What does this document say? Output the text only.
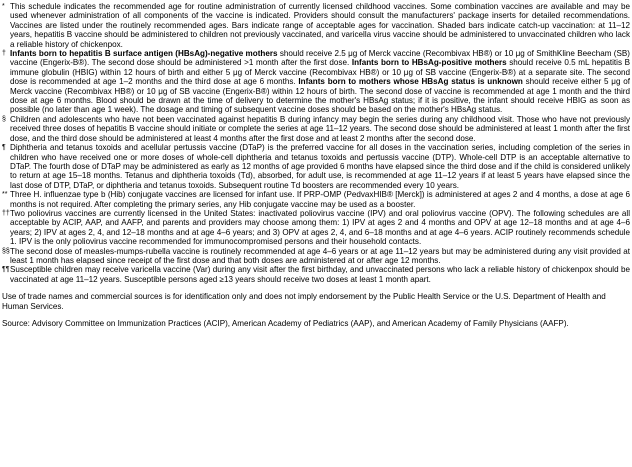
* This schedule indicates the recommended age for routine administration of currently licensed childhood vaccines. Some combination vaccines are available and may be used whenever administration of all components of the vaccine is indicated. Providers should consult the manufacturers' package inserts for detailed recommendations. Vaccines are listed under the routinely recommended ages. Bars indicate range of acceptable ages for vaccination. Shaded bars indicate catch-up vaccination: at 11–12 years, hepatitis B vaccine should be administered to children not previously vaccinated, and varicella virus vaccine should be administered to unvaccinated children who lack a reliable history of chickenpox.
† Infants born to hepatitis B surface antigen (HBsAg)-negative mothers should receive 2.5 μg of Merck vaccine (Recombivax HB®) or 10 μg of SmithKline Beecham (SB) vaccine (Engerix-B®). The second dose should be administered >1 month after the first dose. Infants born to HBsAg-positive mothers should receive 0.5 mL hepatitis B immune globulin (HBIG) within 12 hours of birth and either 5 μg of Merck vaccine (Recombivax HB®) or 10 μg of SB vaccine (Engerix-B®) at a separate site. The second dose is recommended at age 1–2 months and the third dose at age 6 months. Infants born to mothers whose HBsAg status is unknown should receive either 5 μg of Merck vaccine (Recombivax HB®) or 10 μg of SB vaccine (Engerix-B®) within 12 hours of birth. The second dose of vaccine is recommended at age 1 month and the third dose at age 6 months. Blood should be drawn at the time of delivery to determine the mother's HBsAg status; if it is positive, the infant should receive HBIG as soon as possible (no later than age 1 week). The dosage and timing of subsequent vaccine doses should be based on the mother's HBsAg status.
§ Children and adolescents who have not been vaccinated against hepatitis B during infancy may begin the series during any childhood visit. Those who have not previously received three doses of hepatitis B vaccine should initiate or complete the series at age 11–12 years. The second dose should be administered at least 1 month after the first dose, and the third dose should be administered at least 4 months after the first dose and at least 2 months after the second dose.
¶ Diphtheria and tetanus toxoids and acellular pertussis vaccine (DTaP) is the preferred vaccine for all doses in the vaccination series, including completion of the series in children who have received one or more doses of whole-cell diphtheria and tetanus toxoids and pertussis vaccine (DTP). Whole-cell DTP is an acceptable alternative to DTaP. The fourth dose of DTaP may be administered as early as 12 months of age provided 6 months have elapsed since the third dose and if the child is considered unlikely to return at age 15–18 months. Tetanus and diphtheria toxoids (Td), absorbed, for adult use, is recommended at age 11–12 years if at least 5 years have elapsed since the last dose of DTP, DTaP, or diphtheria and tetanus toxoids. Subsequent routine Td boosters are recommended every 10 years.
** Three H. influenzae type b (Hib) conjugate vaccines are licensed for infant use. If PRP-OMP (PedvaxHIB® [Merck]) is administered at ages 2 and 4 months, a dose at age 6 months is not required. After completing the primary series, any Hib conjugate vaccine may be used as a booster.
†† Two poliovirus vaccines are currently licensed in the United States: inactivated poliovirus vaccine (IPV) and oral poliovirus vaccine (OPV). The following schedules are all acceptable by ACIP, AAP, and AAFP, and parents and providers may choose among them: 1) IPV at ages 2 and 4 months and OPV at age 12–18 months and at age 4–6 years; 2) IPV at ages 2, 4, and 12–18 months and at age 4–6 years; and 3) OPV at ages 2, 4, and 6–18 months and at age 4–6 years. ACIP routinely recommends schedule 1. IPV is the only poliovirus vaccine recommended for immunocompromised persons and their household contacts.
§§ The second dose of measles-mumps-rubella vaccine is routinely recommended at age 4–6 years or at age 11–12 years but may be administered during any visit provided at least 1 month has elapsed since receipt of the first dose and that both doses are administered at or after age 12 months.
¶¶ Susceptible children may receive varicella vaccine (Var) during any visit after the first birthday, and unvaccinated persons who lack a reliable history of chickenpox should be vaccinated at age 11–12 years. Susceptible persons aged ≥13 years should receive two doses at least 1 month apart.

Use of trade names and commercial sources is for identification only and does not imply endorsement by the Public Health Service or the U.S. Department of Health and Human Services.

Source: Advisory Committee on Immunization Practices (ACIP), American Academy of Pediatrics (AAP), and American Academy of Family Physicians (AAFP).
